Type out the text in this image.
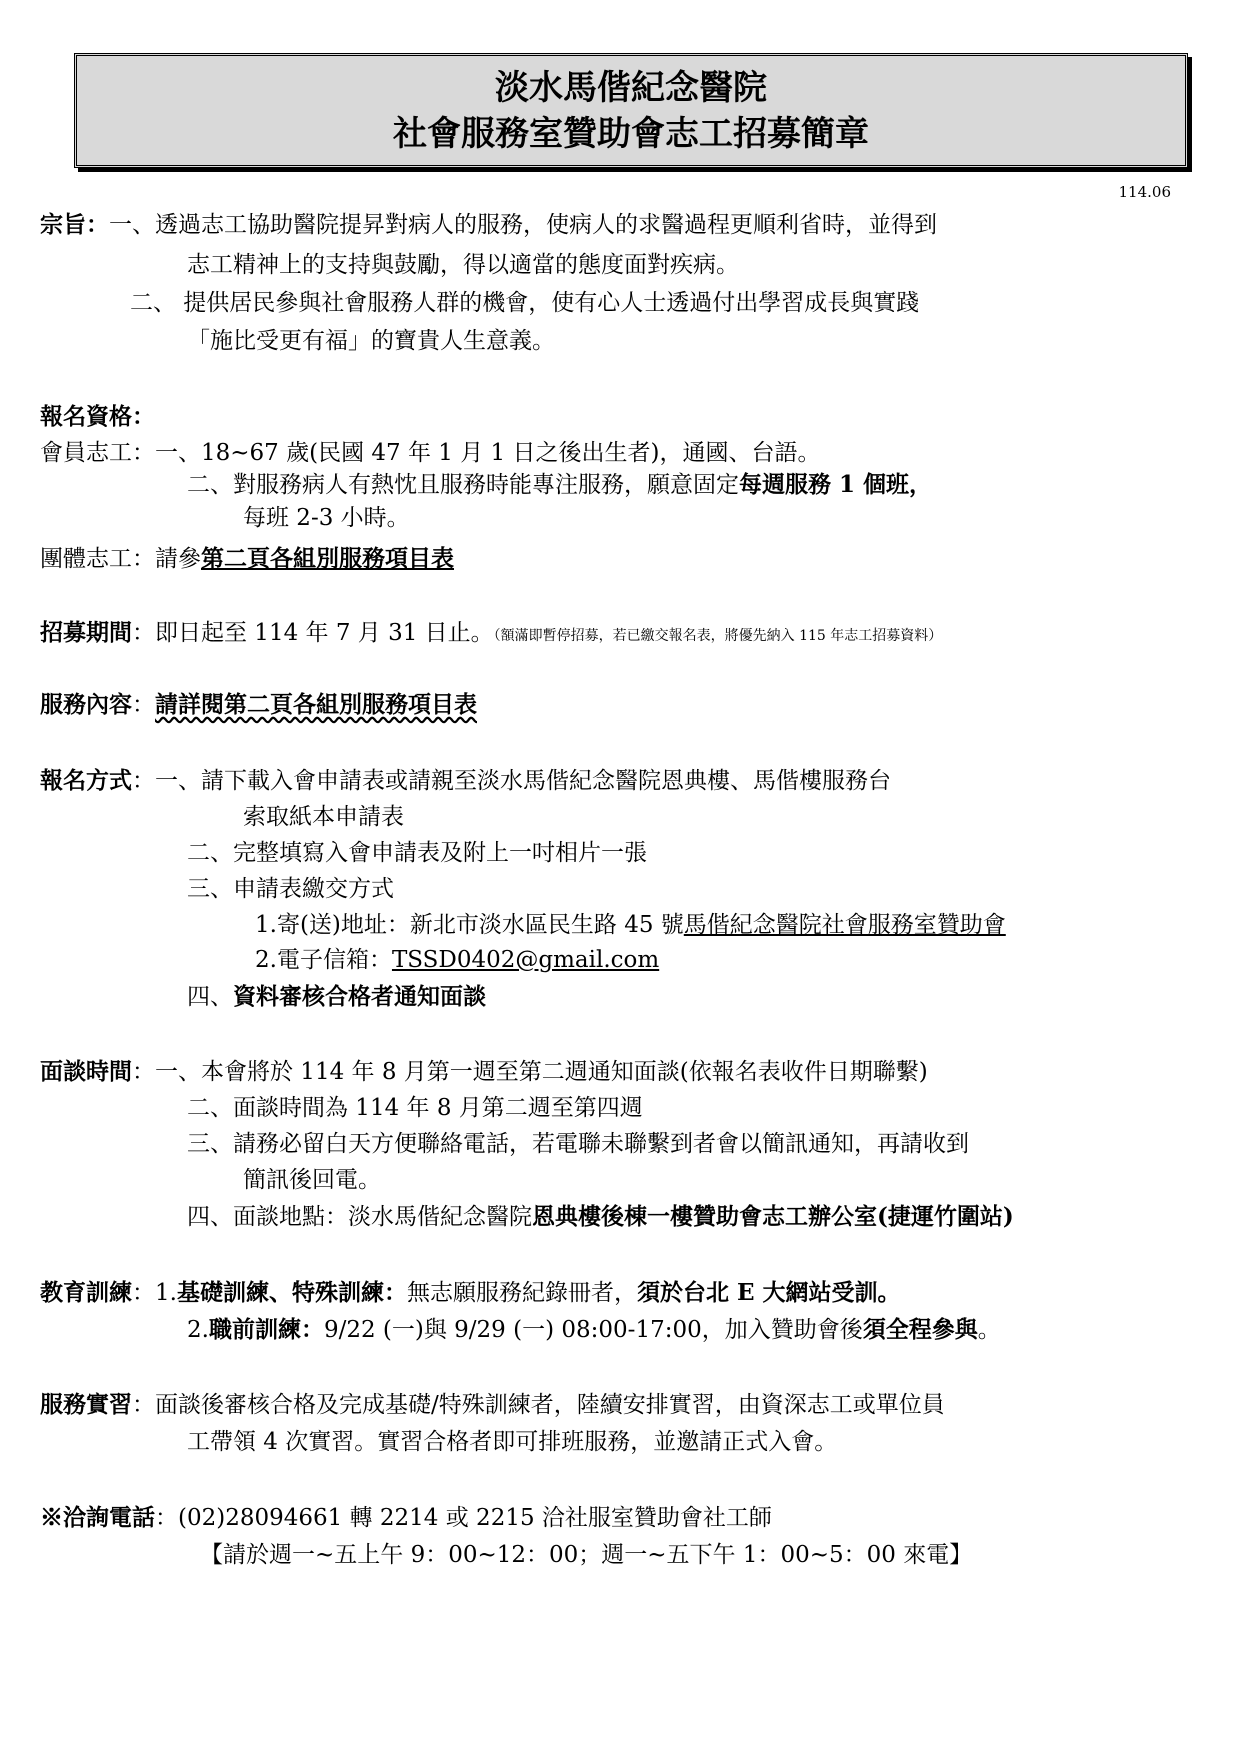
淡水馬偕紀念醫院
社會服務室贊助會志工招募簡章
114.06
宗旨：一、透過志工協助醫院提昇對病人的服務，使病人的求醫過程更順利省時，並得到
志工精神上的支持與鼓勵，得以適當的態度面對疾病。
二、 提供居民參與社會服務人群的機會，使有心人士透過付出學習成長與實踐
「施比受更有福」的寶貴人生意義。
報名資格：
會員志工：一、18~67 歲(民國 47 年 1 月 1 日之後出生者)，通國、台語。
二、對服務病人有熱忱且服務時能專注服務，願意固定每週服務 1 個班，
每班 2-3 小時。
團體志工：請參第二頁各組別服務項目表
招募期間：即日起至 114 年 7 月 31 日止。（額滿即暫停招募，若已繳交報名表，將優先納入 115 年志工招募資料）
服務內容：請詳閱第二頁各組別服務項目表
報名方式：一、請下載入會申請表或請親至淡水馬偕紀念醫院恩典樓、馬偕樓服務台
索取紙本申請表
二、完整填寫入會申請表及附上一吋相片一張
三、申請表繳交方式
1.寄(送)地址：新北市淡水區民生路 45 號馬偕紀念醫院社會服務室贊助會
2.電子信箱：TSSD0402@gmail.com
四、資料審核合格者通知面談
面談時間：一、本會將於 114 年 8 月第一週至第二週通知面談(依報名表收件日期聯繫)
二、面談時間為 114 年 8 月第二週至第四週
三、請務必留白天方便聯絡電話，若電聯未聯繫到者會以簡訊通知，再請收到
簡訊後回電。
四、面談地點：淡水馬偕紀念醫院恩典樓後棟一樓贊助會志工辦公室(捷運竹圍站)
教育訓練：1.基礎訓練、特殊訓練：無志願服務紀錄冊者，須於台北 E 大網站受訓。
2.職前訓練：9/22 (一)與 9/29 (一) 08:00-17:00，加入贊助會後須全程參與。
服務實習：面談後審核合格及完成基礎/特殊訓練者，陸續安排實習，由資深志工或單位員
工帶領 4 次實習。實習合格者即可排班服務，並邀請正式入會。
※洽詢電話：(02)28094661 轉 2214 或 2215 洽社服室贊助會社工師
【請於週一~五上午 9：00~12：00；週一~五下午 1：00~5：00 來電】
